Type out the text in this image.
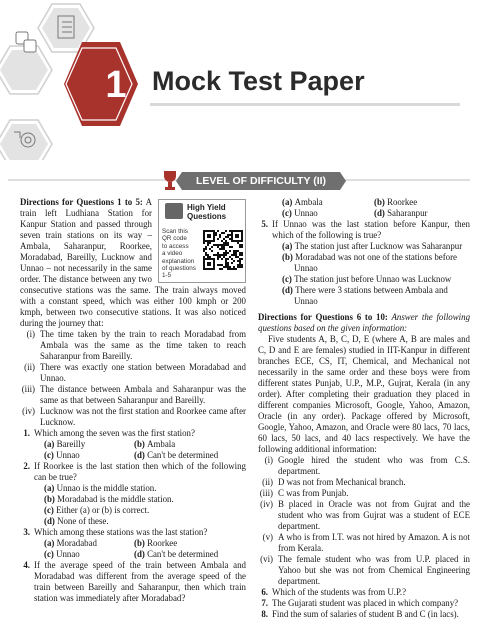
1 Mock Test Paper
LEVEL OF DIFFICULTY (II)
Directions for Questions 1 to 5:
High Yield
Questions
Scan this
QR code
to access
a video
explanation
of questions
1-5
A train left Ludhiana Station for Kanpur Station and passed through seven train stations on its way – Ambala, Saharanpur, Roorkee, Moradabad, Bareilly, Lucknow and Unnao – not necessarily in the same order. The distance between any two consecutive stations was the same. The train always moved with a constant speed, which was either 100 kmph or 200 kmph, between two consecutive stations. It was also noticed during the journey that:
(i) The time taken by the train to reach Moradabad from Ambala was the same as the time taken to reach Saharanpur from Bareilly.
(ii) There was exactly one station between Moradabad and Unnao.
(iii) The distance between Ambala and Saharanpur was the same as that between Saharanpur and Bareilly.
(iv) Lucknow was not the first station and Roorkee came after Lucknow.
1. Which among the seven was the first station?
(a) Bareilly	(b) Ambala
(c) Unnao	(d) Can't be determined
2. If Roorkee is the last station then which of the following can be true?
(a) Unnao is the middle station.
(b) Moradabad is the middle station.
(c) Either (a) or (b) is correct.
(d) None of these.
3. Which among these stations was the last station?
(a) Moradabad	(b) Roorkee
(c) Unnao	(d) Can't be determined
4. If the average speed of the train between Ambala and Moradabad was different from the average speed of the train between Bareilly and Saharanpur, then which train station was immediately after Moradabad?
(a) Ambala	(b) Roorkee
(c) Unnao	(d) Saharanpur
5. If Unnao was the last station before Kanpur, then which of the following is true?
(a) The station just after Lucknow was Saharanpur
(b) Moradabad was not one of the stations before Unnao
(c) The station just before Unnao was Lucknow
(d) There were 3 stations between Ambala and Unnao
Directions for Questions 6 to 10: Answer the following questions based on the given information:
Five students A, B, C, D, E (where A, B are males and C, D and E are females) studied in IIT-Kanpur in different branches ECE, CS, IT, Chemical, and Mechanical not necessarily in the same order and these boys were from different states Punjab, U.P., M.P., Gujrat, Kerala (in any order). After completing their graduation they placed in different companies Microsoft, Google, Yahoo, Amazon, Oracle (in any order). Package offered by Microsoft, Google, Yahoo, Amazon, and Oracle were 80 lacs, 70 lacs, 60 lacs, 50 lacs, and 40 lacs respectively. We have the following additional information:
(i) Google hired the student who was from C.S. department.
(ii) D was not from Mechanical branch.
(iii) C was from Punjab.
(iv) B placed in Oracle was not from Gujrat and the student who was from Gujrat was a student of ECE department.
(v) A who is from I.T. was not hired by Amazon. A is not from Kerala.
(vi) The female student who was from U.P. placed in Yahoo but she was not from Chemical Engineering department.
6. Which of the students was from U.P.?
7. The Gujarati student was placed in which company?
8. Find the sum of salaries of student B and C (in lacs).
